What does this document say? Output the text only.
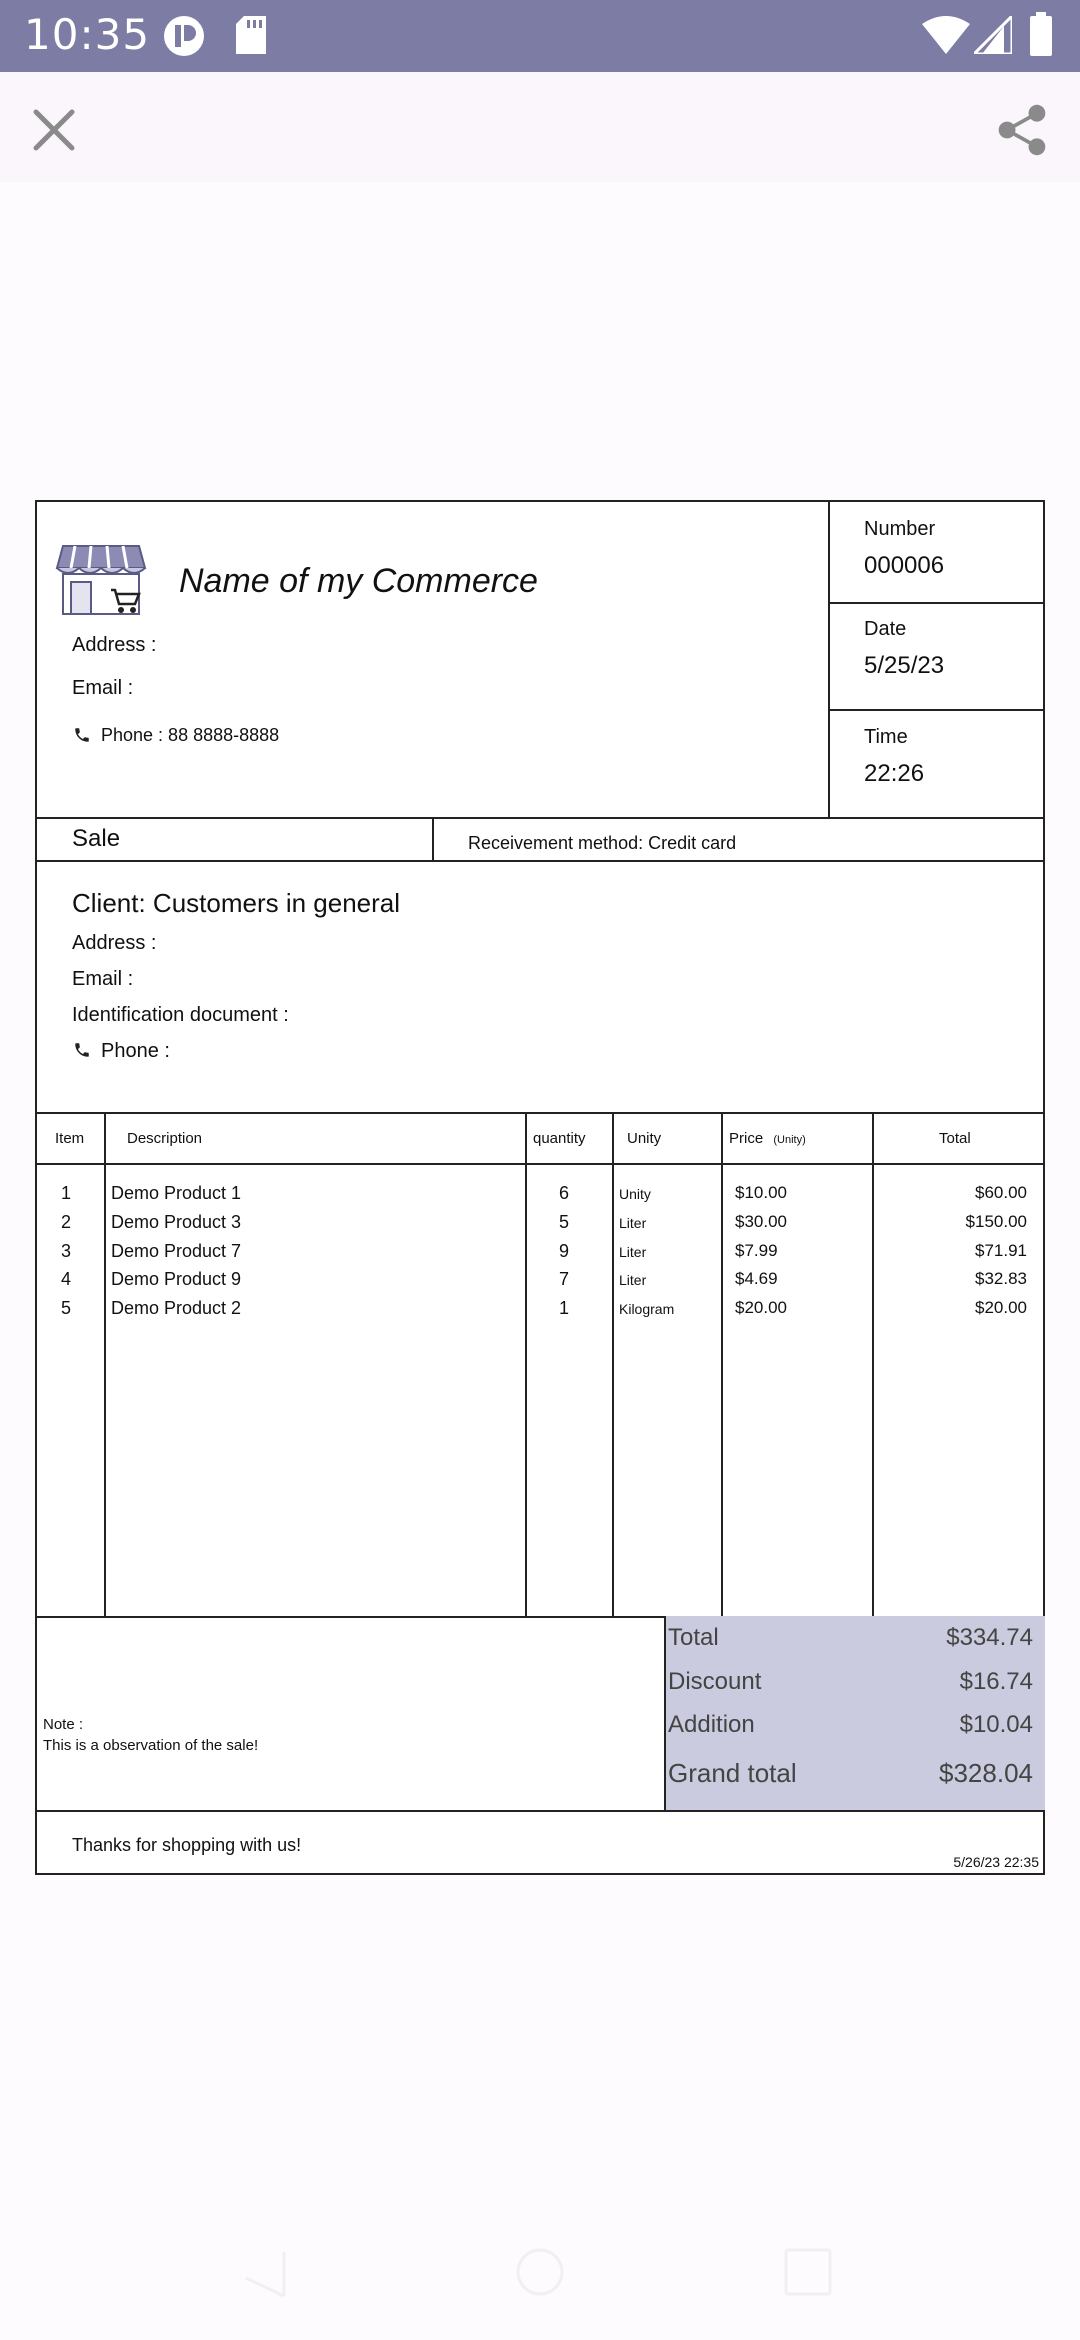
10:35
Name of my Commerce
Address :
Email :
Phone : 88 8888-8888
Number
000006
Date
5/25/23
Time
22:26
Sale	Receivement method: Credit card
Client: Customers in general
Address :
Email :
Identification document :
Phone :
Item	Description	quantity	Unity	Price (Unity)	Total
1 Demo Product 1	6	Unity	$10.00	$60.00
2 Demo Product 3	5	Liter	$30.00	$150.00
3 Demo Product 7	9	Liter	$7.99	$71.91
4 Demo Product 9	7	Liter	$4.69	$32.83
5 Demo Product 2	1	Kilogram	$20.00	$20.00
Note :
This is a observation of the sale!
Total	$334.74
Discount	$16.74
Addition	$10.04
Grand total	$328.04
Thanks for shopping with us!
5/26/23 22:35
